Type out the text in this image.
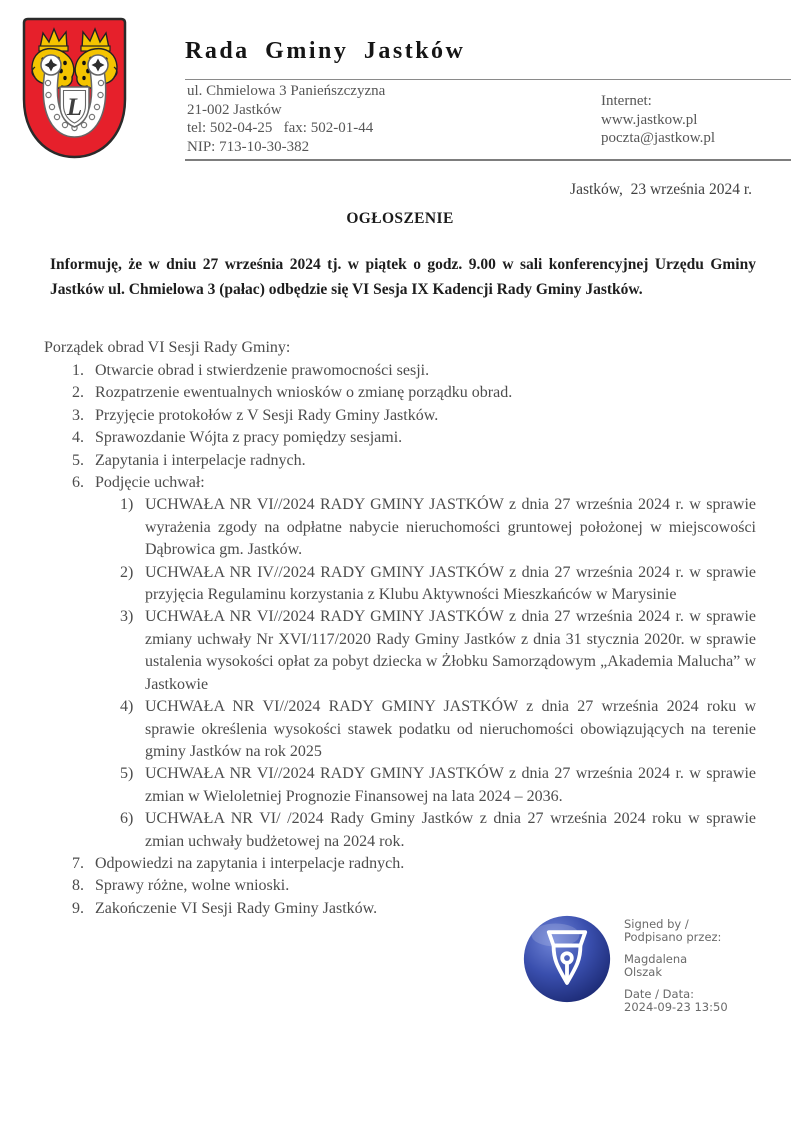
L
Rada Gminy Jastków
ul. Chmielowa 3 Panieńszczyzna
21-002 Jastków
tel: 502-04-25   fax: 502-01-44
NIP: 713-10-30-382
Internet:
www.jastkow.pl
poczta@jastkow.pl
Jastków,  23 września 2024 r.
OGŁOSZENIE

Informuję, że w dniu 27 września 2024 tj. w piątek o godz. 9.00 w sali konferencyjnej Urzędu Gminy Jastków ul. Chmielowa 3 (pałac) odbędzie się VI Sesja IX Kadencji Rady Gminy Jastków.

Porządek obrad VI Sesji Rady Gminy:
1. Otwarcie obrad i stwierdzenie prawomocności sesji.
2. Rozpatrzenie ewentualnych wniosków o zmianę porządku obrad.
3. Przyjęcie protokołów z V Sesji Rady Gminy Jastków.
4. Sprawozdanie Wójta z pracy pomiędzy sesjami.
5. Zapytania i interpelacje radnych.
6. Podjęcie uchwał:
1) UCHWAŁA NR VI//2024 RADY GMINY JASTKÓW z dnia 27 września 2024 r. w sprawie wyrażenia zgody na odpłatne nabycie nieruchomości gruntowej położonej w miejscowości Dąbrowica gm. Jastków.
2) UCHWAŁA NR IV//2024 RADY GMINY JASTKÓW z dnia 27 września 2024 r. w sprawie przyjęcia Regulaminu korzystania z Klubu Aktywności Mieszkańców w Marysinie
3) UCHWAŁA NR VI//2024 RADY GMINY JASTKÓW z dnia 27 września 2024 r. w sprawie zmiany uchwały Nr XVI/117/2020 Rady Gminy Jastków z dnia 31 stycznia 2020r. w sprawie ustalenia wysokości opłat za pobyt dziecka w Żłobku Samorządowym „Akademia Malucha” w Jastkowie
4) UCHWAŁA NR VI//2024 RADY GMINY JASTKÓW z dnia 27 września 2024 roku w sprawie określenia wysokości stawek podatku od nieruchomości obowiązujących na terenie gminy Jastków na rok 2025
5) UCHWAŁA NR VI//2024 RADY GMINY JASTKÓW z dnia 27 września 2024 r. w sprawie zmian w Wieloletniej Prognozie Finansowej na lata 2024 – 2036.
6) UCHWAŁA NR VI/ /2024 Rady Gminy Jastków z dnia 27 września 2024 roku w sprawie zmian uchwały budżetowej na 2024 rok.
7. Odpowiedzi na zapytania i interpelacje radnych.
8. Sprawy różne, wolne wnioski.
9. Zakończenie VI Sesji Rady Gminy Jastków.
Signed by /
Podpisano przez:
Magdalena
Olszak
Date / Data:
2024-09-23 13:50
